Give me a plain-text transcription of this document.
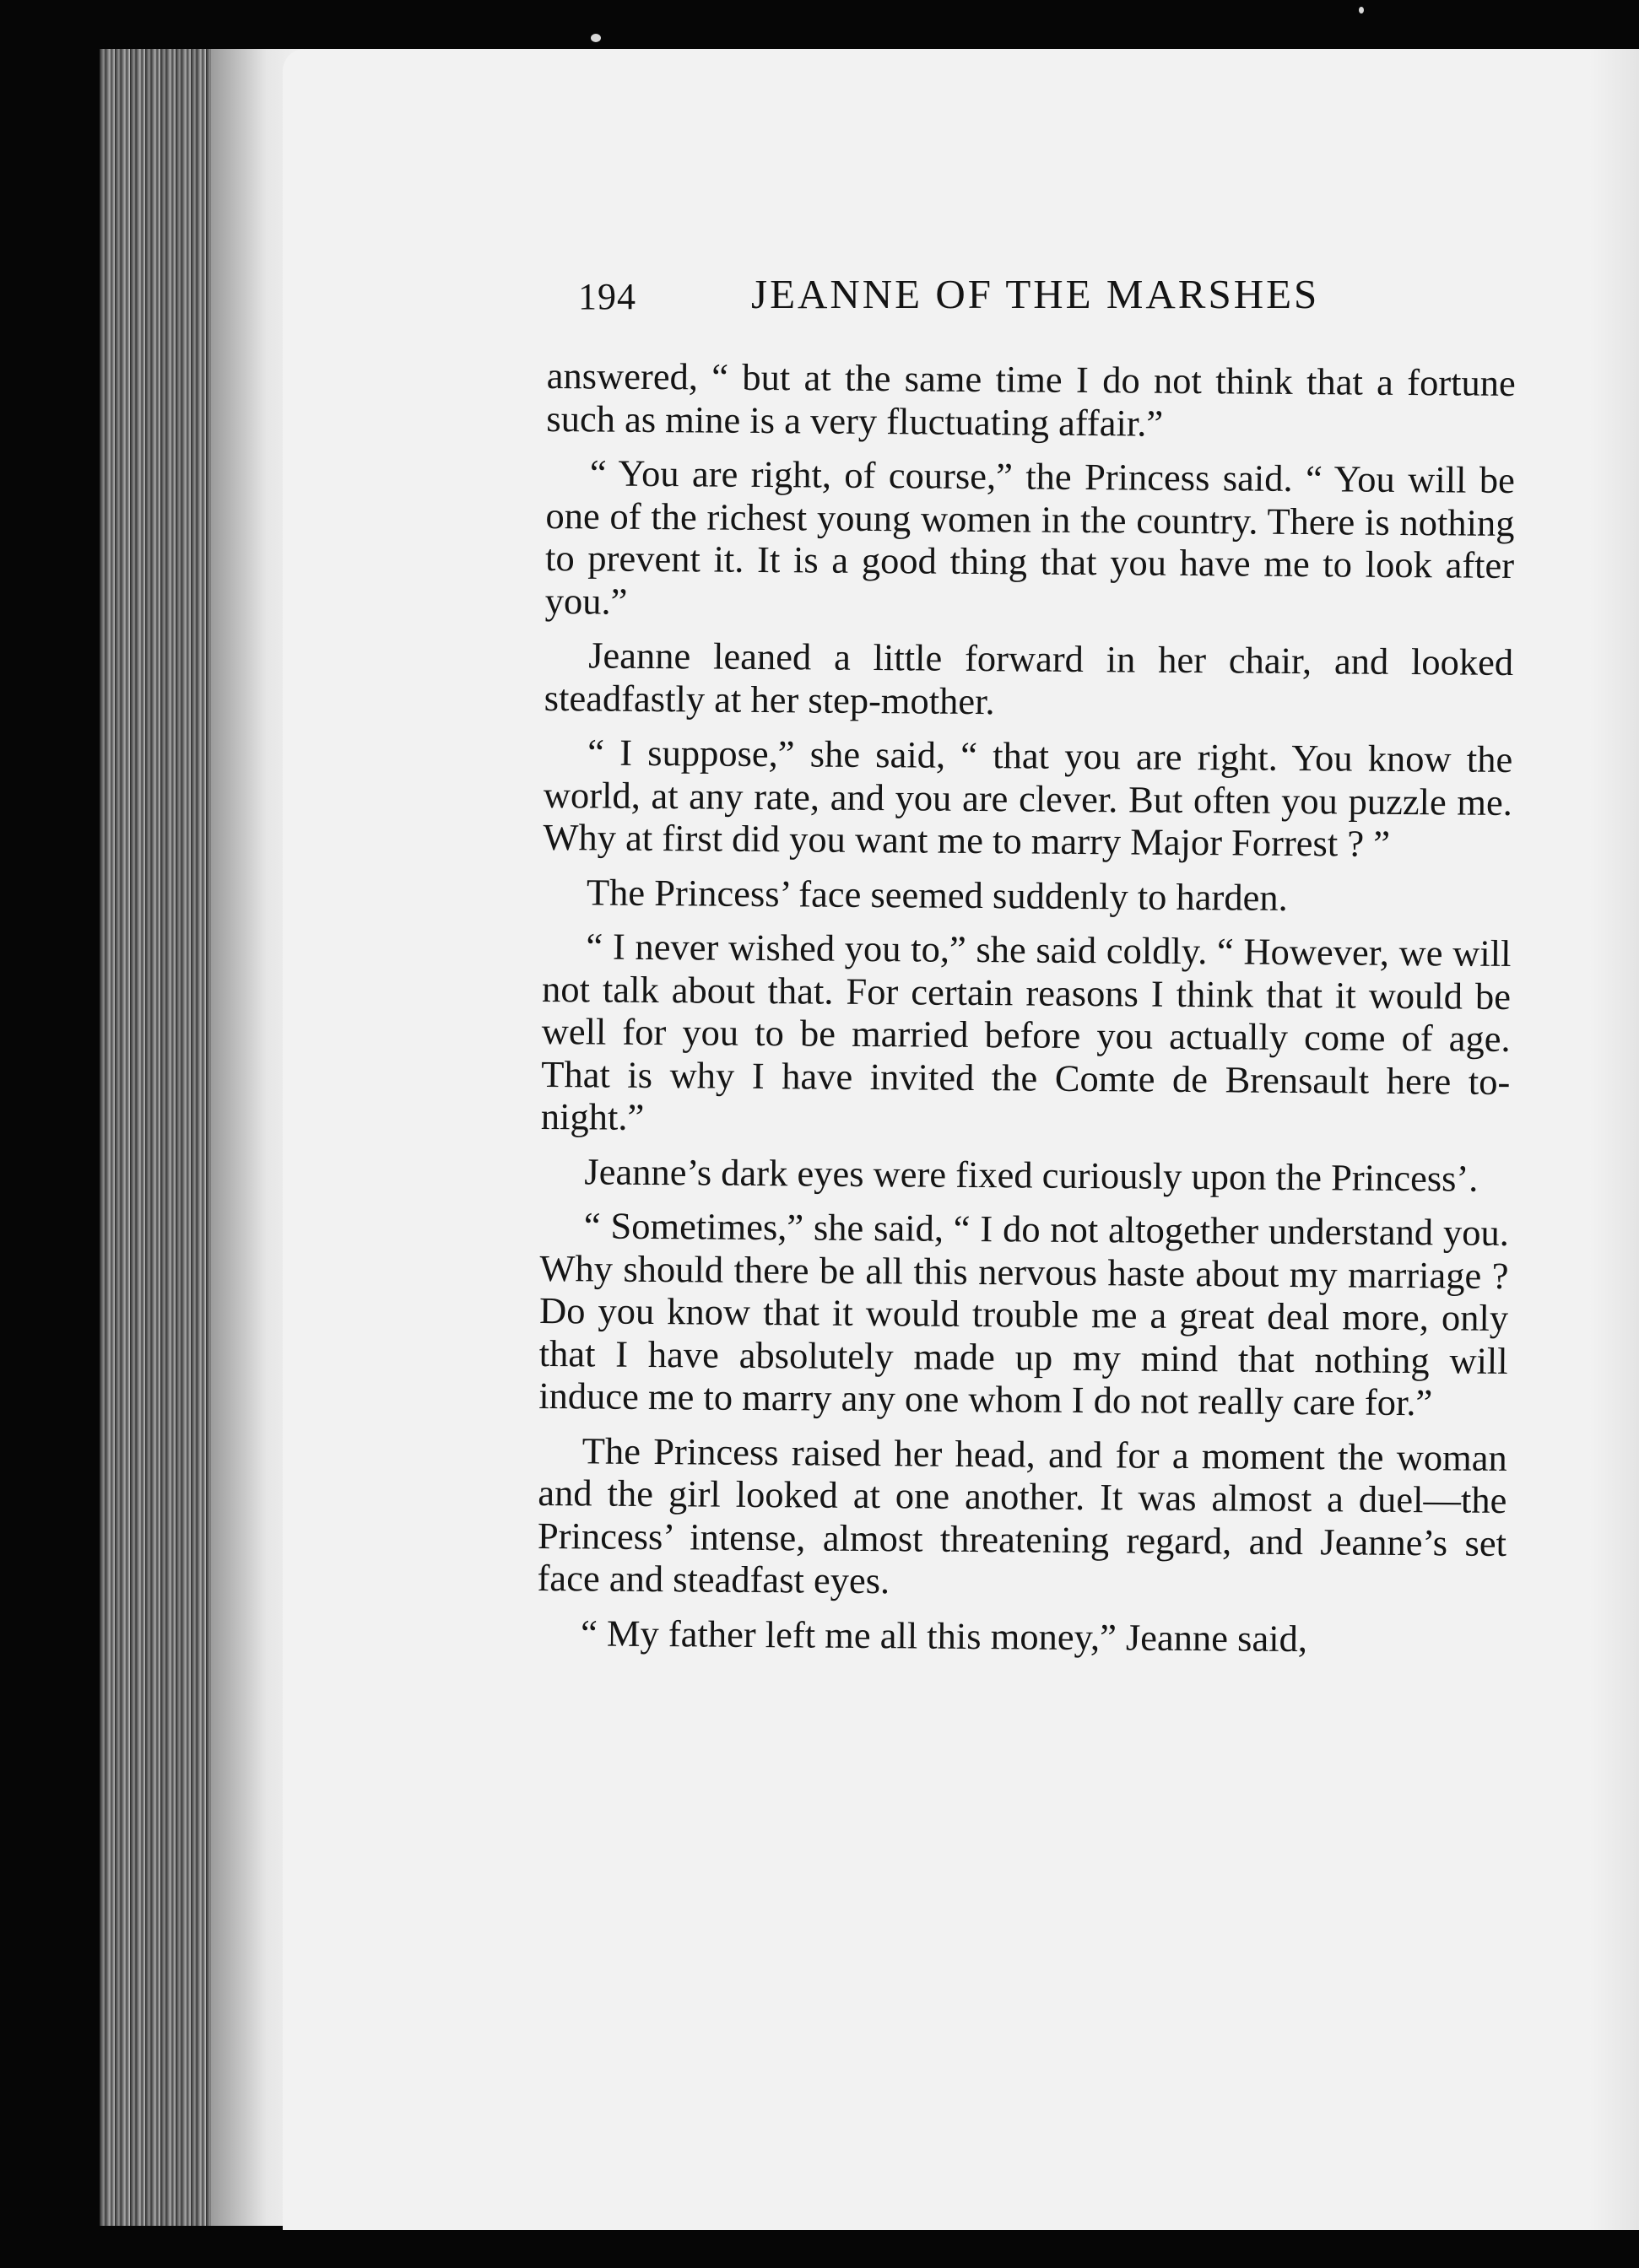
194	JEANNE OF THE MARSHES

answered, “ but at the same time I do not think that a fortune such as mine is a very fluctuating affair.”

“ You are right, of course,” the Princess said. “ You will be one of the richest young women in the country. There is nothing to prevent it. It is a good thing that you have me to look after you.”

Jeanne leaned a little forward in her chair, and looked steadfastly at her step-mother.

“ I suppose,” she said, “ that you are right. You know the world, at any rate, and you are clever. But often you puzzle me. Why at first did you want me to marry Major Forrest ? ”

The Princess’ face seemed suddenly to harden.

“ I never wished you to,” she said coldly. “ However, we will not talk about that. For certain reasons I think that it would be well for you to be married before you actually come of age. That is why I have invited the Comte de Brensault here to-night.”

Jeanne’s dark eyes were fixed curiously upon the Princess’.

“ Sometimes,” she said, “ I do not altogether understand you. Why should there be all this nervous haste about my marriage ? Do you know that it would trouble me a great deal more, only that I have absolutely made up my mind that nothing will induce me to marry any one whom I do not really care for.”

The Princess raised her head, and for a moment the woman and the girl looked at one another. It was almost a duel—the Princess’ intense, almost threatening regard, and Jeanne’s set face and steadfast eyes.

“ My father left me all this money,” Jeanne said,
